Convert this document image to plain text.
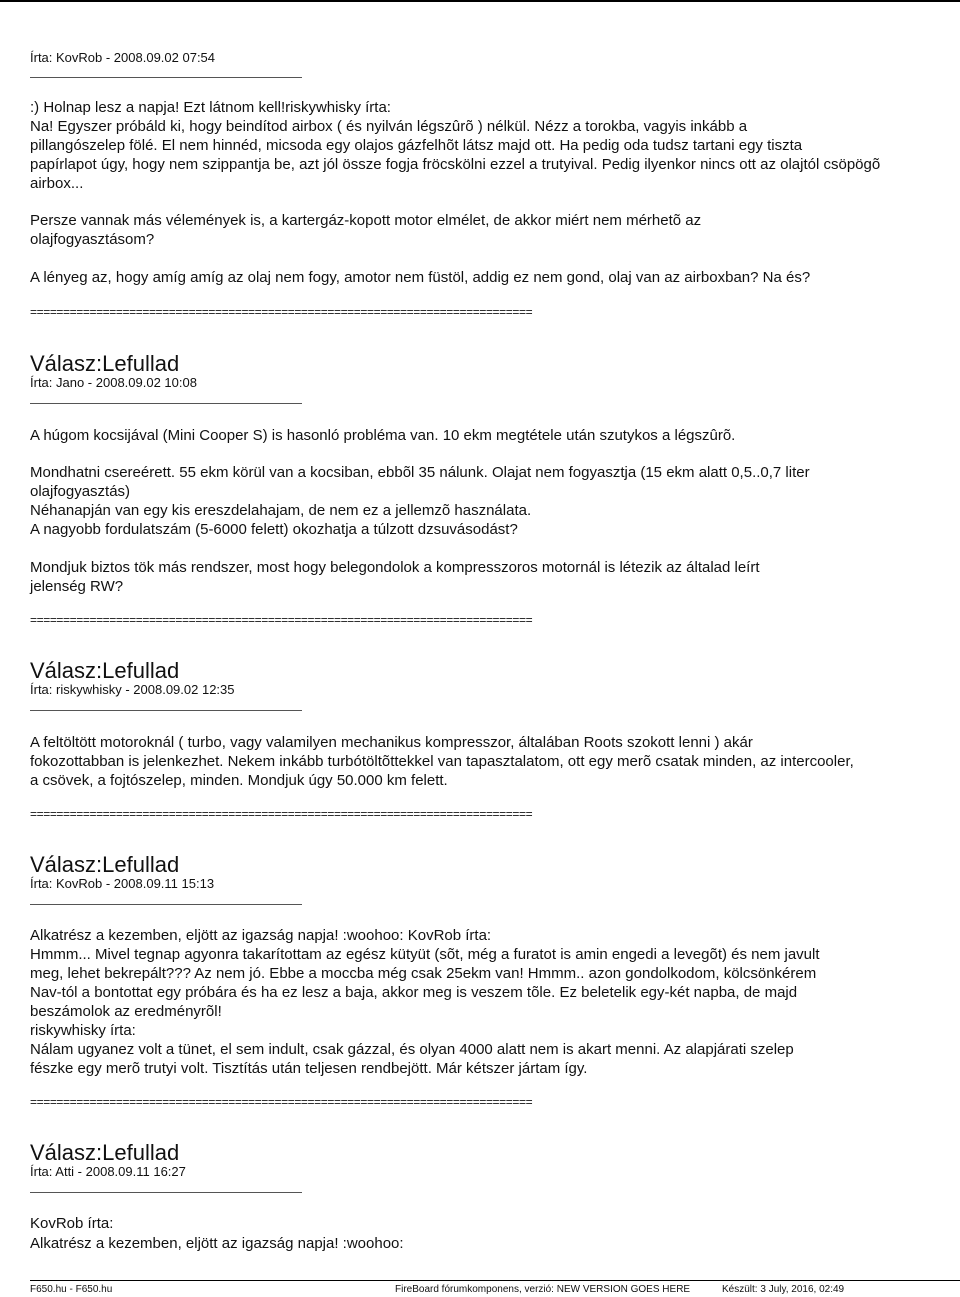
Írta: KovRob - 2008.09.02 07:54
:) Holnap lesz a napja! Ezt látnom kell!riskywhisky írta:
Na! Egyszer próbáld ki, hogy beindítod airbox ( és nyilván légszûrõ ) nélkül. Nézz a torokba, vagyis inkább a
pillangószelep fölé. El nem hinnéd, micsoda egy olajos gázfelhõt látsz majd ott. Ha pedig oda tudsz tartani egy tiszta
papírlapot úgy, hogy nem szippantja be, azt jól össze fogja fröcskölni ezzel a trutyival. Pedig ilyenkor nincs ott az olajtól csöpögõ
airbox...
Persze vannak más vélemények is, a kartergáz-kopott motor elmélet, de akkor miért nem mérhetõ az
olajfogyasztásom?
A lényeg az, hogy amíg amíg az olaj nem fogy, amotor nem füstöl, addig ez nem gond, olaj van az airboxban? Na és?
============================================================================
Válasz:Lefullad
Írta: Jano - 2008.09.02 10:08
A húgom kocsijával (Mini Cooper S) is hasonló probléma van. 10 ekm megtétele után szutykos a légszûrõ.
Mondhatni csereérett. 55 ekm körül van a kocsiban, ebbõl 35 nálunk. Olajat nem fogyasztja (15 ekm alatt 0,5..0,7 liter
olajfogyasztás)
Néhanapján van egy kis ereszdelahajam, de nem ez a jellemzõ használata.
A nagyobb fordulatszám (5-6000 felett) okozhatja a túlzott dzsuvásodást?
Mondjuk biztos tök más rendszer, most hogy belegondolok a kompresszoros motornál is létezik az általad leírt
jelenség RW?
============================================================================
Válasz:Lefullad
Írta: riskywhisky - 2008.09.02 12:35
A feltöltött motoroknál ( turbo, vagy valamilyen mechanikus kompresszor, általában Roots szokott lenni ) akár
fokozottabban is jelenkezhet. Nekem inkább turbótöltõttekkel van tapasztalatom, ott egy merõ csatak minden, az intercooler,
a csövek, a fojtószelep, minden. Mondjuk úgy 50.000 km felett.
============================================================================
Válasz:Lefullad
Írta: KovRob - 2008.09.11 15:13
Alkatrész a kezemben, eljött az igazság napja! :woohoo: KovRob írta:
Hmmm... Mivel tegnap agyonra takarítottam az egész kütyüt (sõt, még a furatot is amin engedi a levegõt) és nem javult
meg, lehet bekrepált??? Az nem jó. Ebbe a moccba még csak 25ekm van! Hmmm.. azon gondolkodom, kölcsönkérem
Nav-tól a bontottat egy próbára és ha ez lesz a baja, akkor meg is veszem tõle. Ez beletelik egy-két napba, de majd
beszámolok az eredményrõl!
riskywhisky írta:
Nálam ugyanez volt a tünet, el sem indult, csak gázzal, és olyan 4000 alatt nem is akart menni. Az alapjárati szelep
fészke egy merõ trutyi volt. Tisztítás után teljesen rendbejött. Már kétszer jártam így.
============================================================================
Válasz:Lefullad
Írta: Atti - 2008.09.11 16:27
KovRob írta:
Alkatrész a kezemben, eljött az igazság napja! :woohoo:
F650.hu - F650.hu	FireBoard fórumkomponens, verzió: NEW VERSION GOES HERE	Készült: 3 July, 2016, 02:49
